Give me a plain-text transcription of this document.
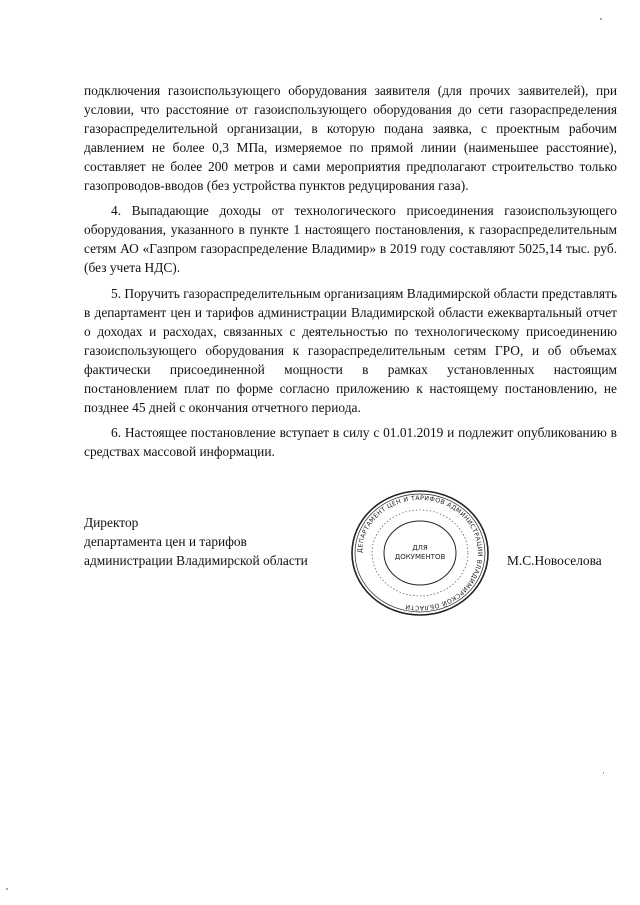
подключения газоиспользующего оборудования заявителя (для прочих заявителей), при условии, что расстояние от газоиспользующего оборудования до сети газораспределения газораспределительной организации, в которую подана заявка, с проектным рабочим давлением не более 0,3 МПа, измеряемое по прямой линии (наименьшее расстояние), составляет не более 200 метров и сами мероприятия предполагают строительство только газопроводов-вводов (без устройства пунктов редуцирования газа).

4. Выпадающие доходы от технологического присоединения газоиспользующего оборудования, указанного в пункте 1 настоящего постановления, к газораспределительным сетям АО «Газпром газораспределение Владимир» в 2019 году составляют 5025,14 тыс. руб. (без учета НДС).

5. Поручить газораспределительным организациям Владимирской области представлять в департамент цен и тарифов администрации Владимирской области ежеквартальный отчет о доходах и расходах, связанных с деятельностью по технологическому присоединению газоиспользующего оборудования к газораспределительным сетям ГРО, и об объемах фактически присоединенной мощности в рамках установленных настоящим постановлением плат по форме согласно приложению к настоящему постановлению, не позднее 45 дней с окончания отчетного периода.

6. Настоящее постановление вступает в силу с 01.01.2019 и подлежит опубликованию в средствах массовой информации.

Директор
департамента цен и тарифов
администрации Владимирской области
ДЕПАРТАМЕНТ ЦЕН И ТАРИФОВ АДМИНИСТРАЦИИ ВЛАДИМИРСКОЙ ОБЛАСТИ
ДЛЯ
ДОКУМЕНТОВ	М.С.Новоселова
